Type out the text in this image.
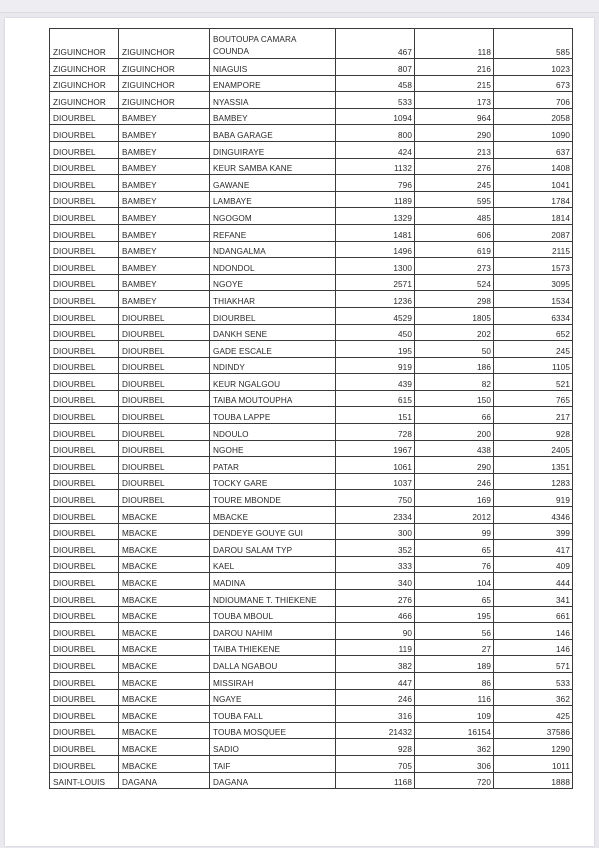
ZIGUINCHOR	ZIGUINCHOR	BOUTOUPA CAMARA COUNDA	467	118	585
ZIGUINCHOR	ZIGUINCHOR	NIAGUIS	807	216	1023
ZIGUINCHOR	ZIGUINCHOR	ENAMPORE	458	215	673
ZIGUINCHOR	ZIGUINCHOR	NYASSIA	533	173	706
DIOURBEL	BAMBEY	BAMBEY	1094	964	2058
DIOURBEL	BAMBEY	BABA GARAGE	800	290	1090
DIOURBEL	BAMBEY	DINGUIRAYE	424	213	637
DIOURBEL	BAMBEY	KEUR SAMBA KANE	1132	276	1408
DIOURBEL	BAMBEY	GAWANE	796	245	1041
DIOURBEL	BAMBEY	LAMBAYE	1189	595	1784
DIOURBEL	BAMBEY	NGOGOM	1329	485	1814
DIOURBEL	BAMBEY	REFANE	1481	606	2087
DIOURBEL	BAMBEY	NDANGALMA	1496	619	2115
DIOURBEL	BAMBEY	NDONDOL	1300	273	1573
DIOURBEL	BAMBEY	NGOYE	2571	524	3095
DIOURBEL	BAMBEY	THIAKHAR	1236	298	1534
DIOURBEL	DIOURBEL	DIOURBEL	4529	1805	6334
DIOURBEL	DIOURBEL	DANKH SENE	450	202	652
DIOURBEL	DIOURBEL	GADE ESCALE	195	50	245
DIOURBEL	DIOURBEL	NDINDY	919	186	1105
DIOURBEL	DIOURBEL	KEUR NGALGOU	439	82	521
DIOURBEL	DIOURBEL	TAIBA MOUTOUPHA	615	150	765
DIOURBEL	DIOURBEL	TOUBA LAPPE	151	66	217
DIOURBEL	DIOURBEL	NDOULO	728	200	928
DIOURBEL	DIOURBEL	NGOHE	1967	438	2405
DIOURBEL	DIOURBEL	PATAR	1061	290	1351
DIOURBEL	DIOURBEL	TOCKY GARE	1037	246	1283
DIOURBEL	DIOURBEL	TOURE MBONDE	750	169	919
DIOURBEL	MBACKE	MBACKE	2334	2012	4346
DIOURBEL	MBACKE	DENDEYE GOUYE GUI	300	99	399
DIOURBEL	MBACKE	DAROU SALAM TYP	352	65	417
DIOURBEL	MBACKE	KAEL	333	76	409
DIOURBEL	MBACKE	MADINA	340	104	444
DIOURBEL	MBACKE	NDIOUMANE T. THIEKENE	276	65	341
DIOURBEL	MBACKE	TOUBA MBOUL	466	195	661
DIOURBEL	MBACKE	DAROU NAHIM	90	56	146
DIOURBEL	MBACKE	TAIBA THIEKENE	119	27	146
DIOURBEL	MBACKE	DALLA NGABOU	382	189	571
DIOURBEL	MBACKE	MISSIRAH	447	86	533
DIOURBEL	MBACKE	NGAYE	246	116	362
DIOURBEL	MBACKE	TOUBA FALL	316	109	425
DIOURBEL	MBACKE	TOUBA MOSQUEE	21432	16154	37586
DIOURBEL	MBACKE	SADIO	928	362	1290
DIOURBEL	MBACKE	TAIF	705	306	1011
SAINT-LOUIS	DAGANA	DAGANA	1168	720	1888
